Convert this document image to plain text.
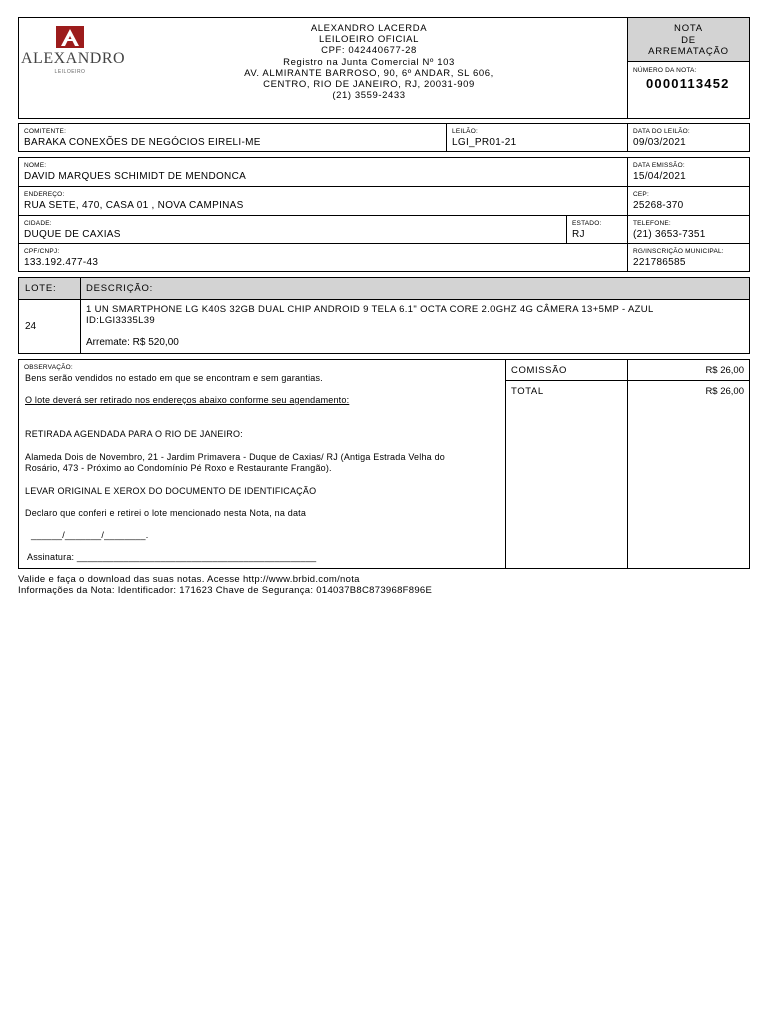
ALEXANDRO
LEILOEIRO
ALEXANDRO LACERDA
LEILOEIRO OFICIAL
CPF: 042440677-28
Registro na Junta Comercial Nº 103
AV. ALMIRANTE BARROSO, 90, 6º ANDAR, SL 606,
CENTRO, RIO DE JANEIRO, RJ, 20031-909
(21) 3559-2433
NOTA
DE
ARREMATAÇÃO
NÚMERO DA NOTA:
0000113452
COMITENTE:
BARAKA CONEXÕES DE NEGÓCIOS EIRELI-ME
LEILÃO:
LGI_PR01-21
DATA DO LEILÃO:
09/03/2021
NOME:
DAVID MARQUES SCHIMIDT DE MENDONCA
DATA EMISSÃO:
15/04/2021
ENDEREÇO:
RUA SETE, 470, CASA 01 , NOVA CAMPINAS
CEP:
25268-370
CIDADE:
DUQUE DE CAXIAS
ESTADO:
RJ
TELEFONE:
(21) 3653-7351
CPF/CNPJ:
133.192.477-43
RG/INSCRIÇÃO MUNICIPAL:
221786585
LOTE:	DESCRIÇÃO:
24
1 UN SMARTPHONE LG K40S 32GB DUAL CHIP ANDROID 9 TELA 6.1" OCTA CORE 2.0GHZ 4G CÂMERA 13+5MP - AZUL
ID:LGI3335L39
Arremate: R$ 520,00
OBSERVAÇÃO:
Bens serão vendidos no estado em que se encontram e sem garantias.
O lote deverá ser retirado nos endereços abaixo conforme seu agendamento:
RETIRADA AGENDADA PARA O RIO DE JANEIRO:
Alameda Dois de Novembro, 21 - Jardim Primavera - Duque de Caxias/ RJ (Antiga Estrada Velha do
Rosário, 473 - Próximo ao Condomínio Pé Roxo e Restaurante Frangão).
LEVAR ORIGINAL E XEROX DO DOCUMENTO DE IDENTIFICAÇÃO
Declaro que conferi e retirei o lote mencionado nesta Nota, na data
______/_______/________.
Assinatura: ______________________________________________
COMISSÃO	R$ 26,00
TOTAL	R$ 26,00
Valide e faça o download das suas notas. Acesse http://www.brbid.com/nota
Informações da Nota: Identificador: 171623 Chave de Segurança: 014037B8C873968F896E
